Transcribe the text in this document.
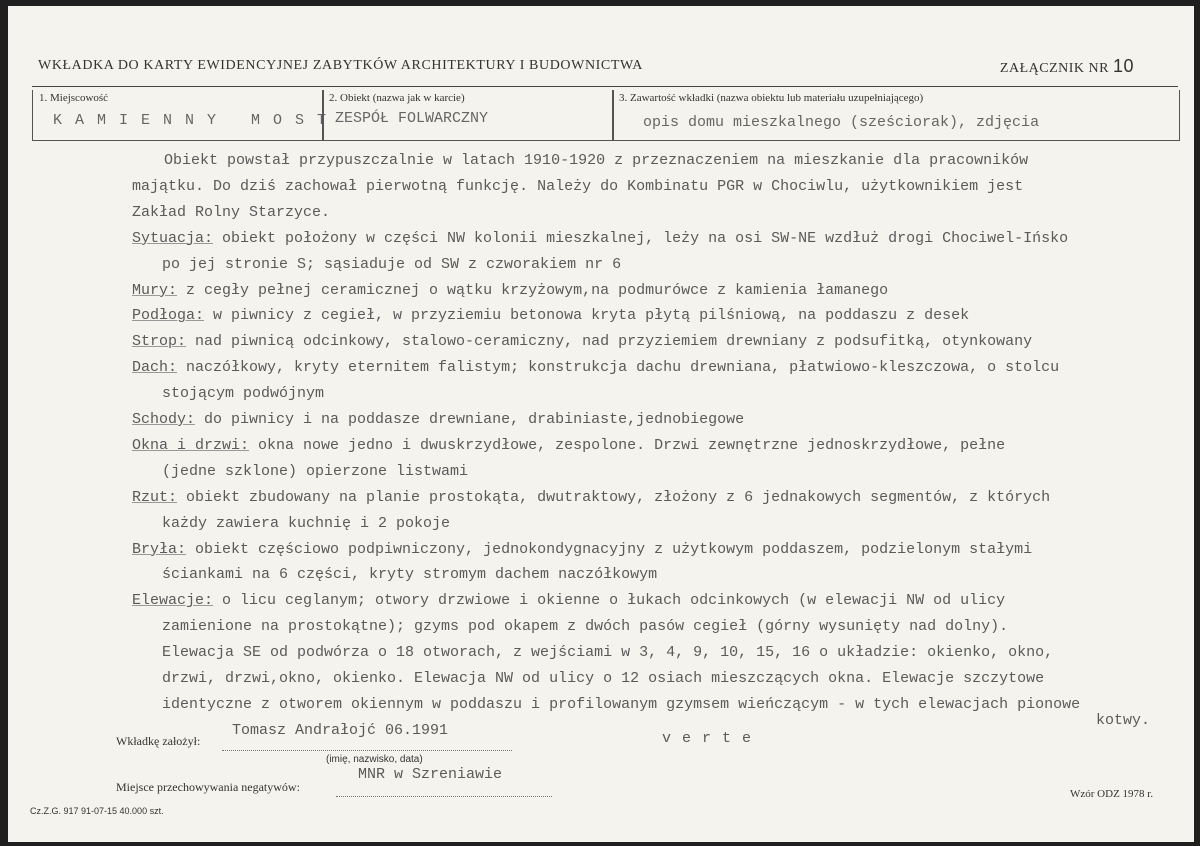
WKŁADKA DO KARTY EWIDENCYJNEJ ZABYTKÓW ARCHITEKTURY I BUDOWNICTWA	ZAŁĄCZNIK NR 10
1. Miejscowość
K A M I E N N Y   M O S T
2. Obiekt (nazwa jak w karcie)
ZESPÓŁ FOLWARCZNY
3. Zawartość wkładki (nazwa obiektu lub materiału uzupełniającego)
opis domu mieszkalnego (sześciorak), zdjęcia
Obiekt powstał przypuszczalnie w latach 1910-1920 z przeznaczeniem na mieszkanie dla pracowników
majątku. Do dziś zachował pierwotną funkcję. Należy do Kombinatu PGR w Chociwlu, użytkownikiem jest
Zakład Rolny Starzyce.
Sytuacja: obiekt położony w części NW kolonii mieszkalnej, leży na osi SW-NE wzdłuż drogi Chociwel-Ińsko
po jej stronie S; sąsiaduje od SW z czworakiem nr 6
Mury: z cegły pełnej ceramicznej o wątku krzyżowym,na podmurówce z kamienia łamanego
Podłoga: w piwnicy z cegieł, w przyziemiu betonowa kryta płytą pilśniową, na poddaszu z desek
Strop: nad piwnicą odcinkowy, stalowo-ceramiczny, nad przyziemiem drewniany z podsufitką, otynkowany
Dach: naczółkowy, kryty eternitem falistym; konstrukcja dachu drewniana, płatwiowo-kleszczowa, o stolcu
stojącym podwójnym
Schody: do piwnicy i na poddasze drewniane, drabiniaste,jednobiegowe
Okna i drzwi: okna nowe jedno i dwuskrzydłowe, zespolone. Drzwi zewnętrzne jednoskrzydłowe, pełne
(jedne szklone) opierzone listwami
Rzut: obiekt zbudowany na planie prostokąta, dwutraktowy, złożony z 6 jednakowych segmentów, z których
każdy zawiera kuchnię i 2 pokoje
Bryła: obiekt częściowo podpiwniczony, jednokondygnacyjny z użytkowym poddaszem, podzielonym stałymi
ściankami na 6 części, kryty stromym dachem naczółkowym
Elewacje: o licu ceglanym; otwory drzwiowe i okienne o łukach odcinkowych (w elewacji NW od ulicy
zamienione na prostokątne); gzyms pod okapem z dwóch pasów cegieł (górny wysunięty nad dolny).
Elewacja SE od podwórza o 18 otworach, z wejściami w 3, 4, 9, 10, 15, 16 o układzie: okienko, okno,
drzwi, drzwi,okno, okienko. Elewacja NW od ulicy o 12 osiach mieszczących okna. Elewacje szczytowe
identyczne z otworem okiennym w poddaszu i profilowanym gzymsem wieńczącym - w tych elewacjach pionowe
kotwy.
Wkładkę założył:
Tomasz Andrałojć 06.1991
(imię, nazwisko, data)
v e r t e
Miejsce przechowywania negatywów:
MNR w Szreniawie
Wzór ODZ 1978 r.
Cz.Z.G. 917 91-07-15 40.000 szt.
